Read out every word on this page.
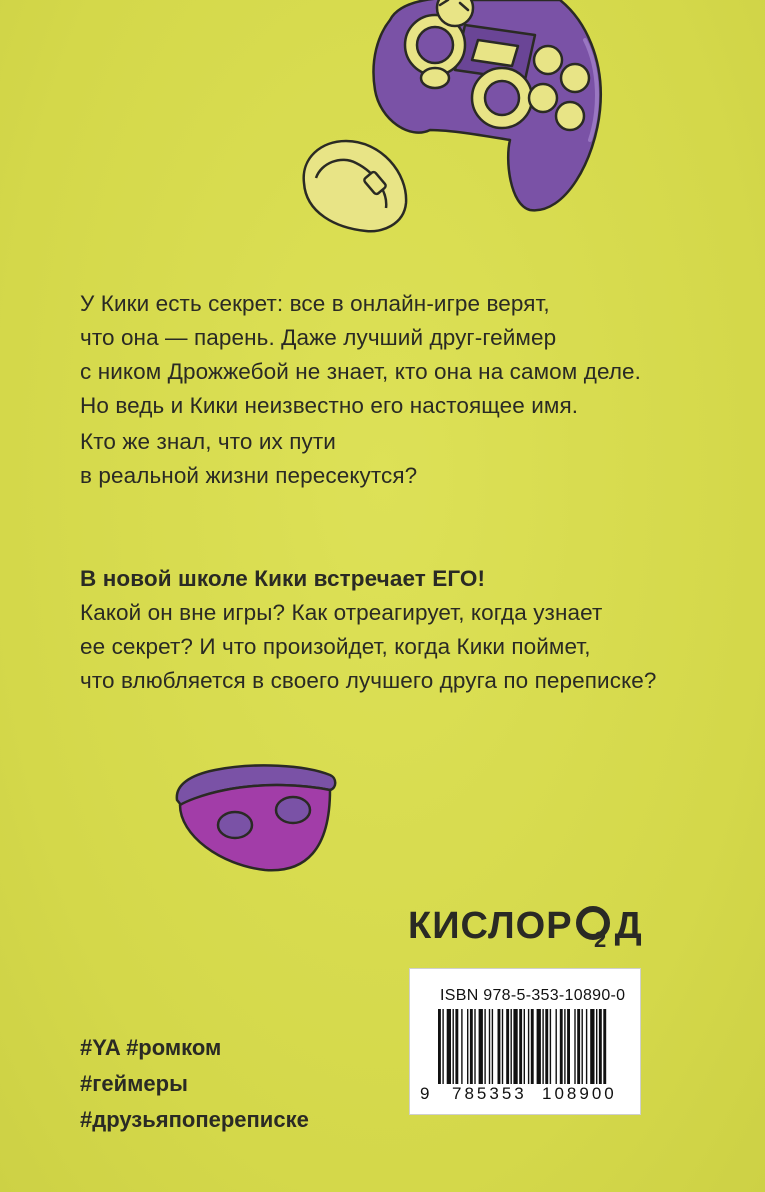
У Кики есть секрет: все в онлайн-игре верят,

что она — парень. Даже лучший друг-геймер

с ником Дрожжебой не знает, кто она на самом деле.

Но ведь и Кики неизвестно его настоящее имя.

Кто же знал, что их пути

в реальной жизни пересекутся?

В новой школе Кики встречает ЕГО!

Какой он вне игры? Как отреагирует, когда узнает

ее секрет? И что произойдет, когда Кики поймет,

что влюбляется в своего лучшего друга по переписке?

КИСЛОР 2 Д
#YA #ромком
#геймеры
#друзьяпопереписке
ISBN 978-5-353-10890-0
9 785353 108900
